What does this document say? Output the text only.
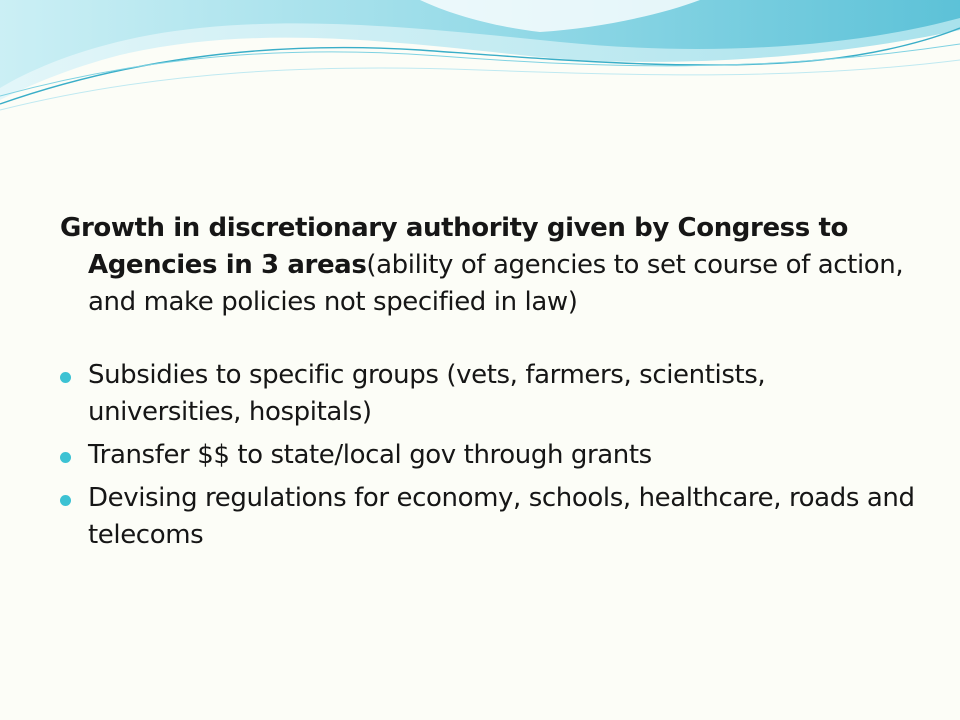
Growth in discretionary authority given by Congress to Agencies in 3 areas(ability of agencies to set course of action, and make policies not specified in law)

Subsidies to specific groups (vets, farmers, scientists, universities, hospitals)
Transfer $$ to state/local gov through grants
Devising regulations for economy, schools, healthcare, roads and telecoms
